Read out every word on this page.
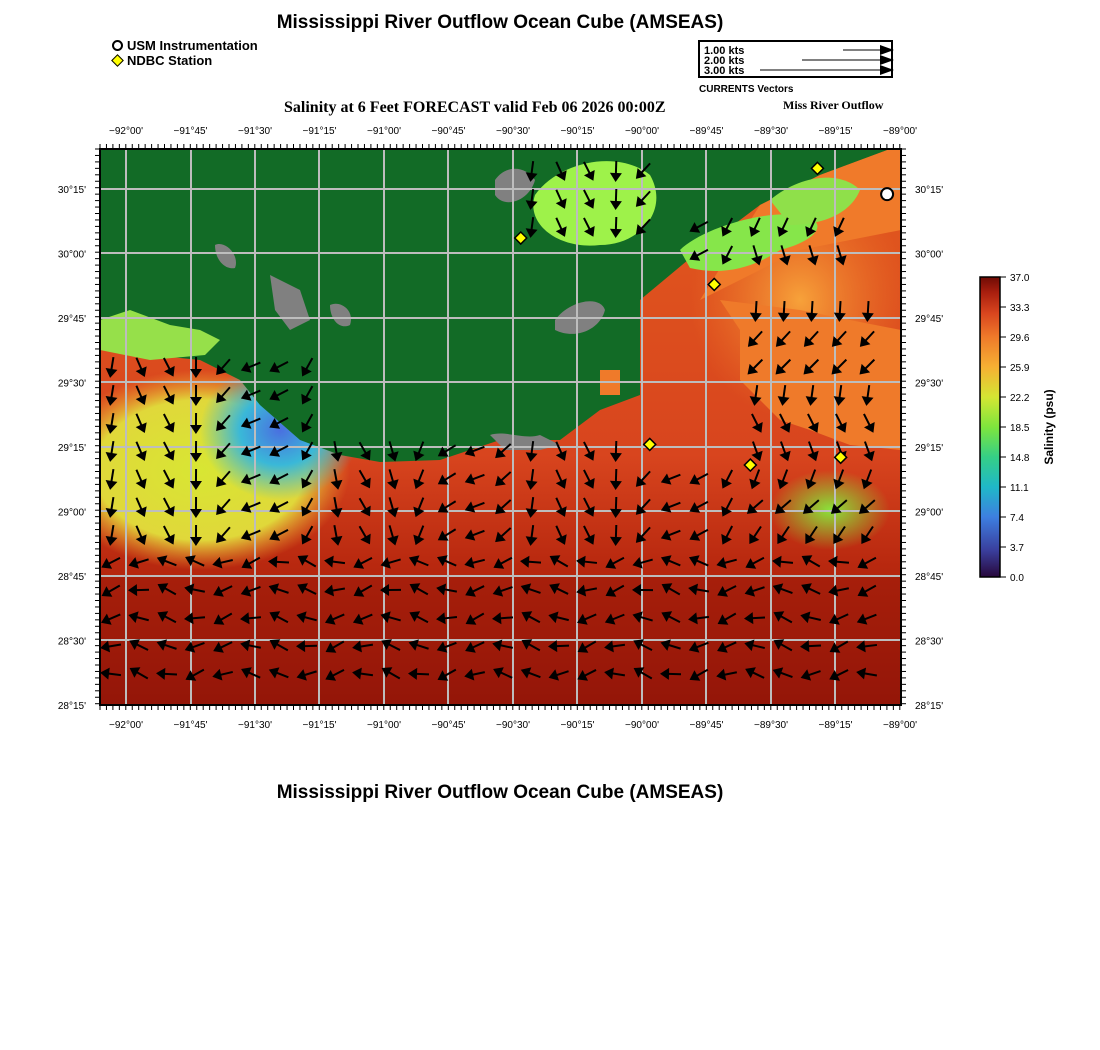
Mississippi River Outflow Ocean Cube (AMSEAS)
USM Instrumentation
NDBC Station
1.00 kts
2.00 kts
3.00 kts
CURRENTS Vectors
Salinity at 6 Feet FORECAST valid Feb 06 2026 00:00Z	Miss River Outflow
−92°00'	−91°45'	−91°30'	−91°15'	−91°00'	−90°45'	−90°30'	−90°15'	−90°00'	−89°45'	−89°30'	−89°15'	−89°00'
−92°00'	−91°45'	−91°30'	−91°15'	−91°00'	−90°45'	−90°30'	−90°15'	−90°00'	−89°45'	−89°30'	−89°15'	−89°00'
30°15'
30°00'
29°45'
29°30'
29°15'
29°00'
28°45'
28°30'
28°15'
30°15'
30°00'
29°45'
29°30'
29°15'
29°00'
28°45'
28°30'
28°15'
37.0
33.3
29.6
25.9
22.2
18.5
14.8
11.1
7.4
3.7
0.0
Salinity (psu)
Mississippi River Outflow Ocean Cube (AMSEAS)
